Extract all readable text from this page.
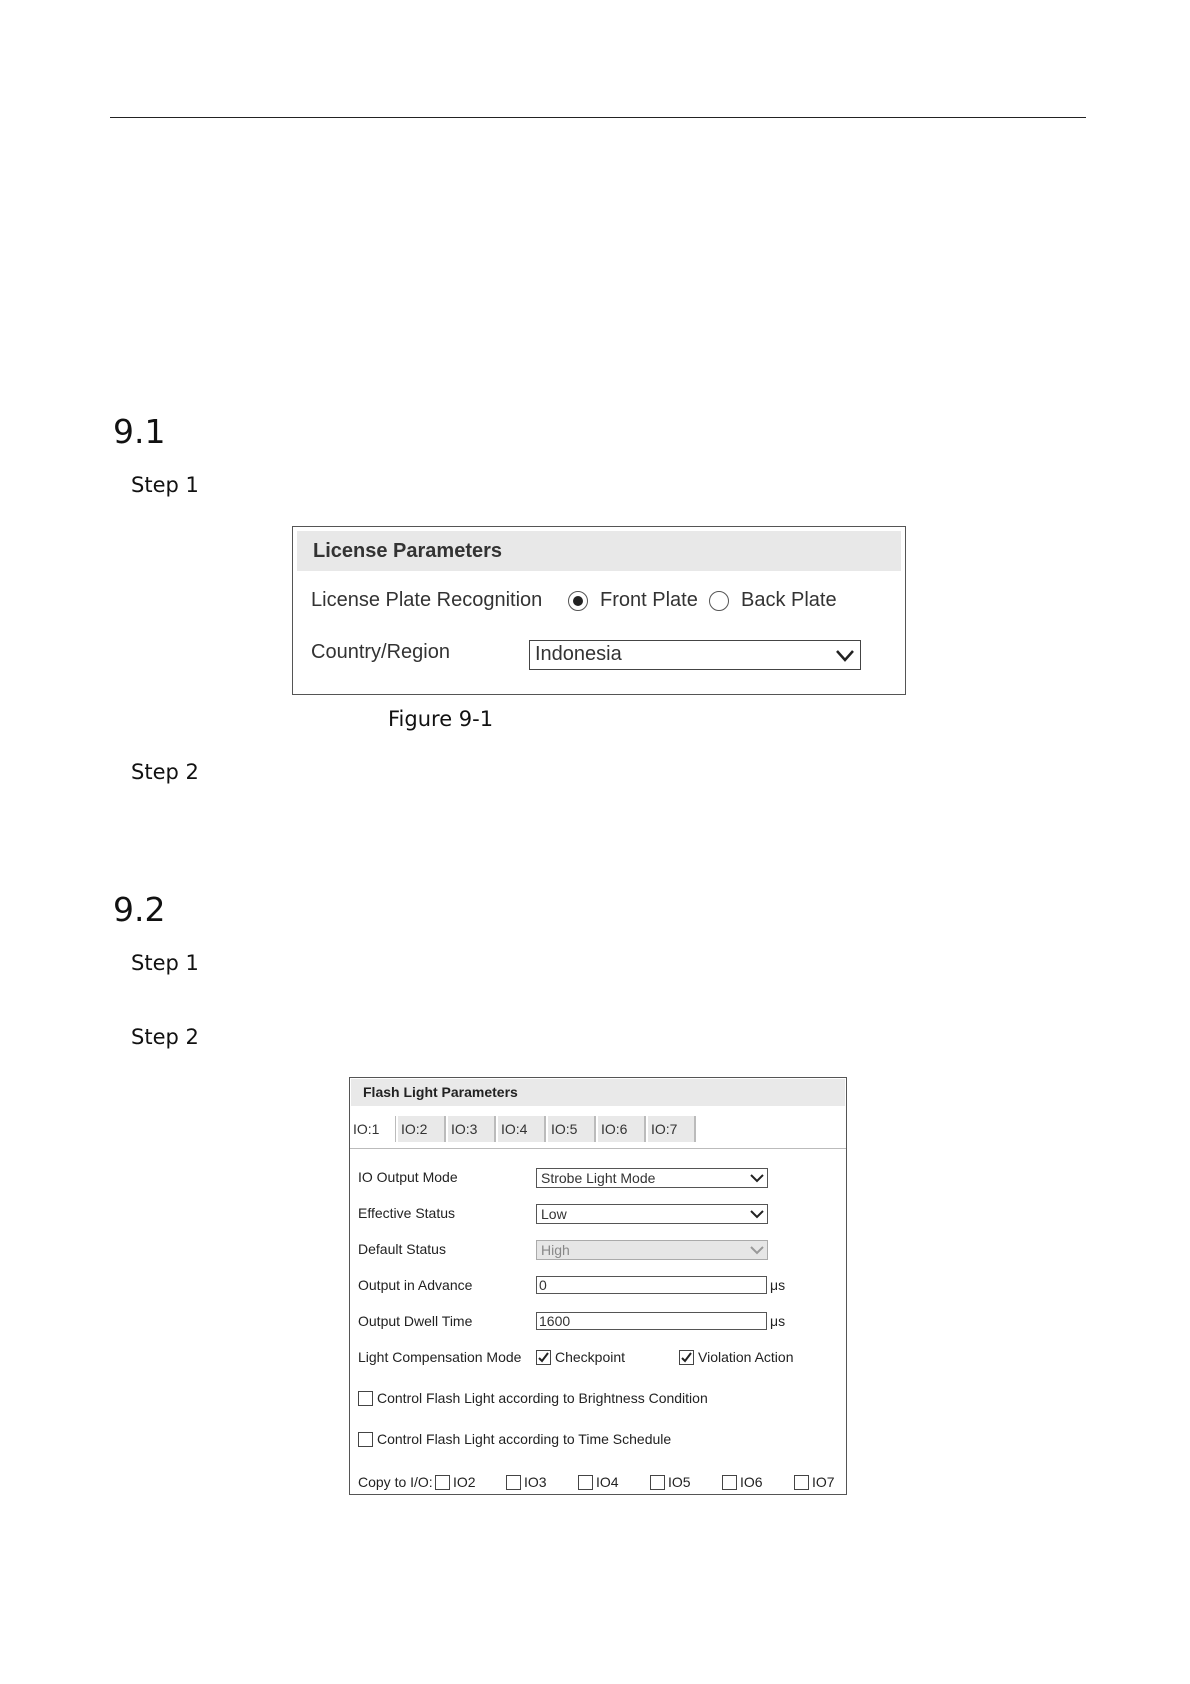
9.1
Step 1
License Parameters
License Plate Recognition	Front Plate Back Plate
Country/Region	Indonesia
Figure 9-1
Step 2
9.2
Step 1
Step 2
Flash Light Parameters
IO:1 IO:2 IO:3 IO:4 IO:5 IO:6 IO:7
IO Output Mode	Strobe Light Mode
Effective Status	Low
Default Status	High
Output in Advance	0	μs
Output Dwell Time	1600	μs
Light Compensation Mode Checkpoint	Violation Action
Control Flash Light according to Brightness Condition
Control Flash Light according to Time Schedule
Copy to I/O: IO2	IO3	IO4	IO5	IO6	IO7
